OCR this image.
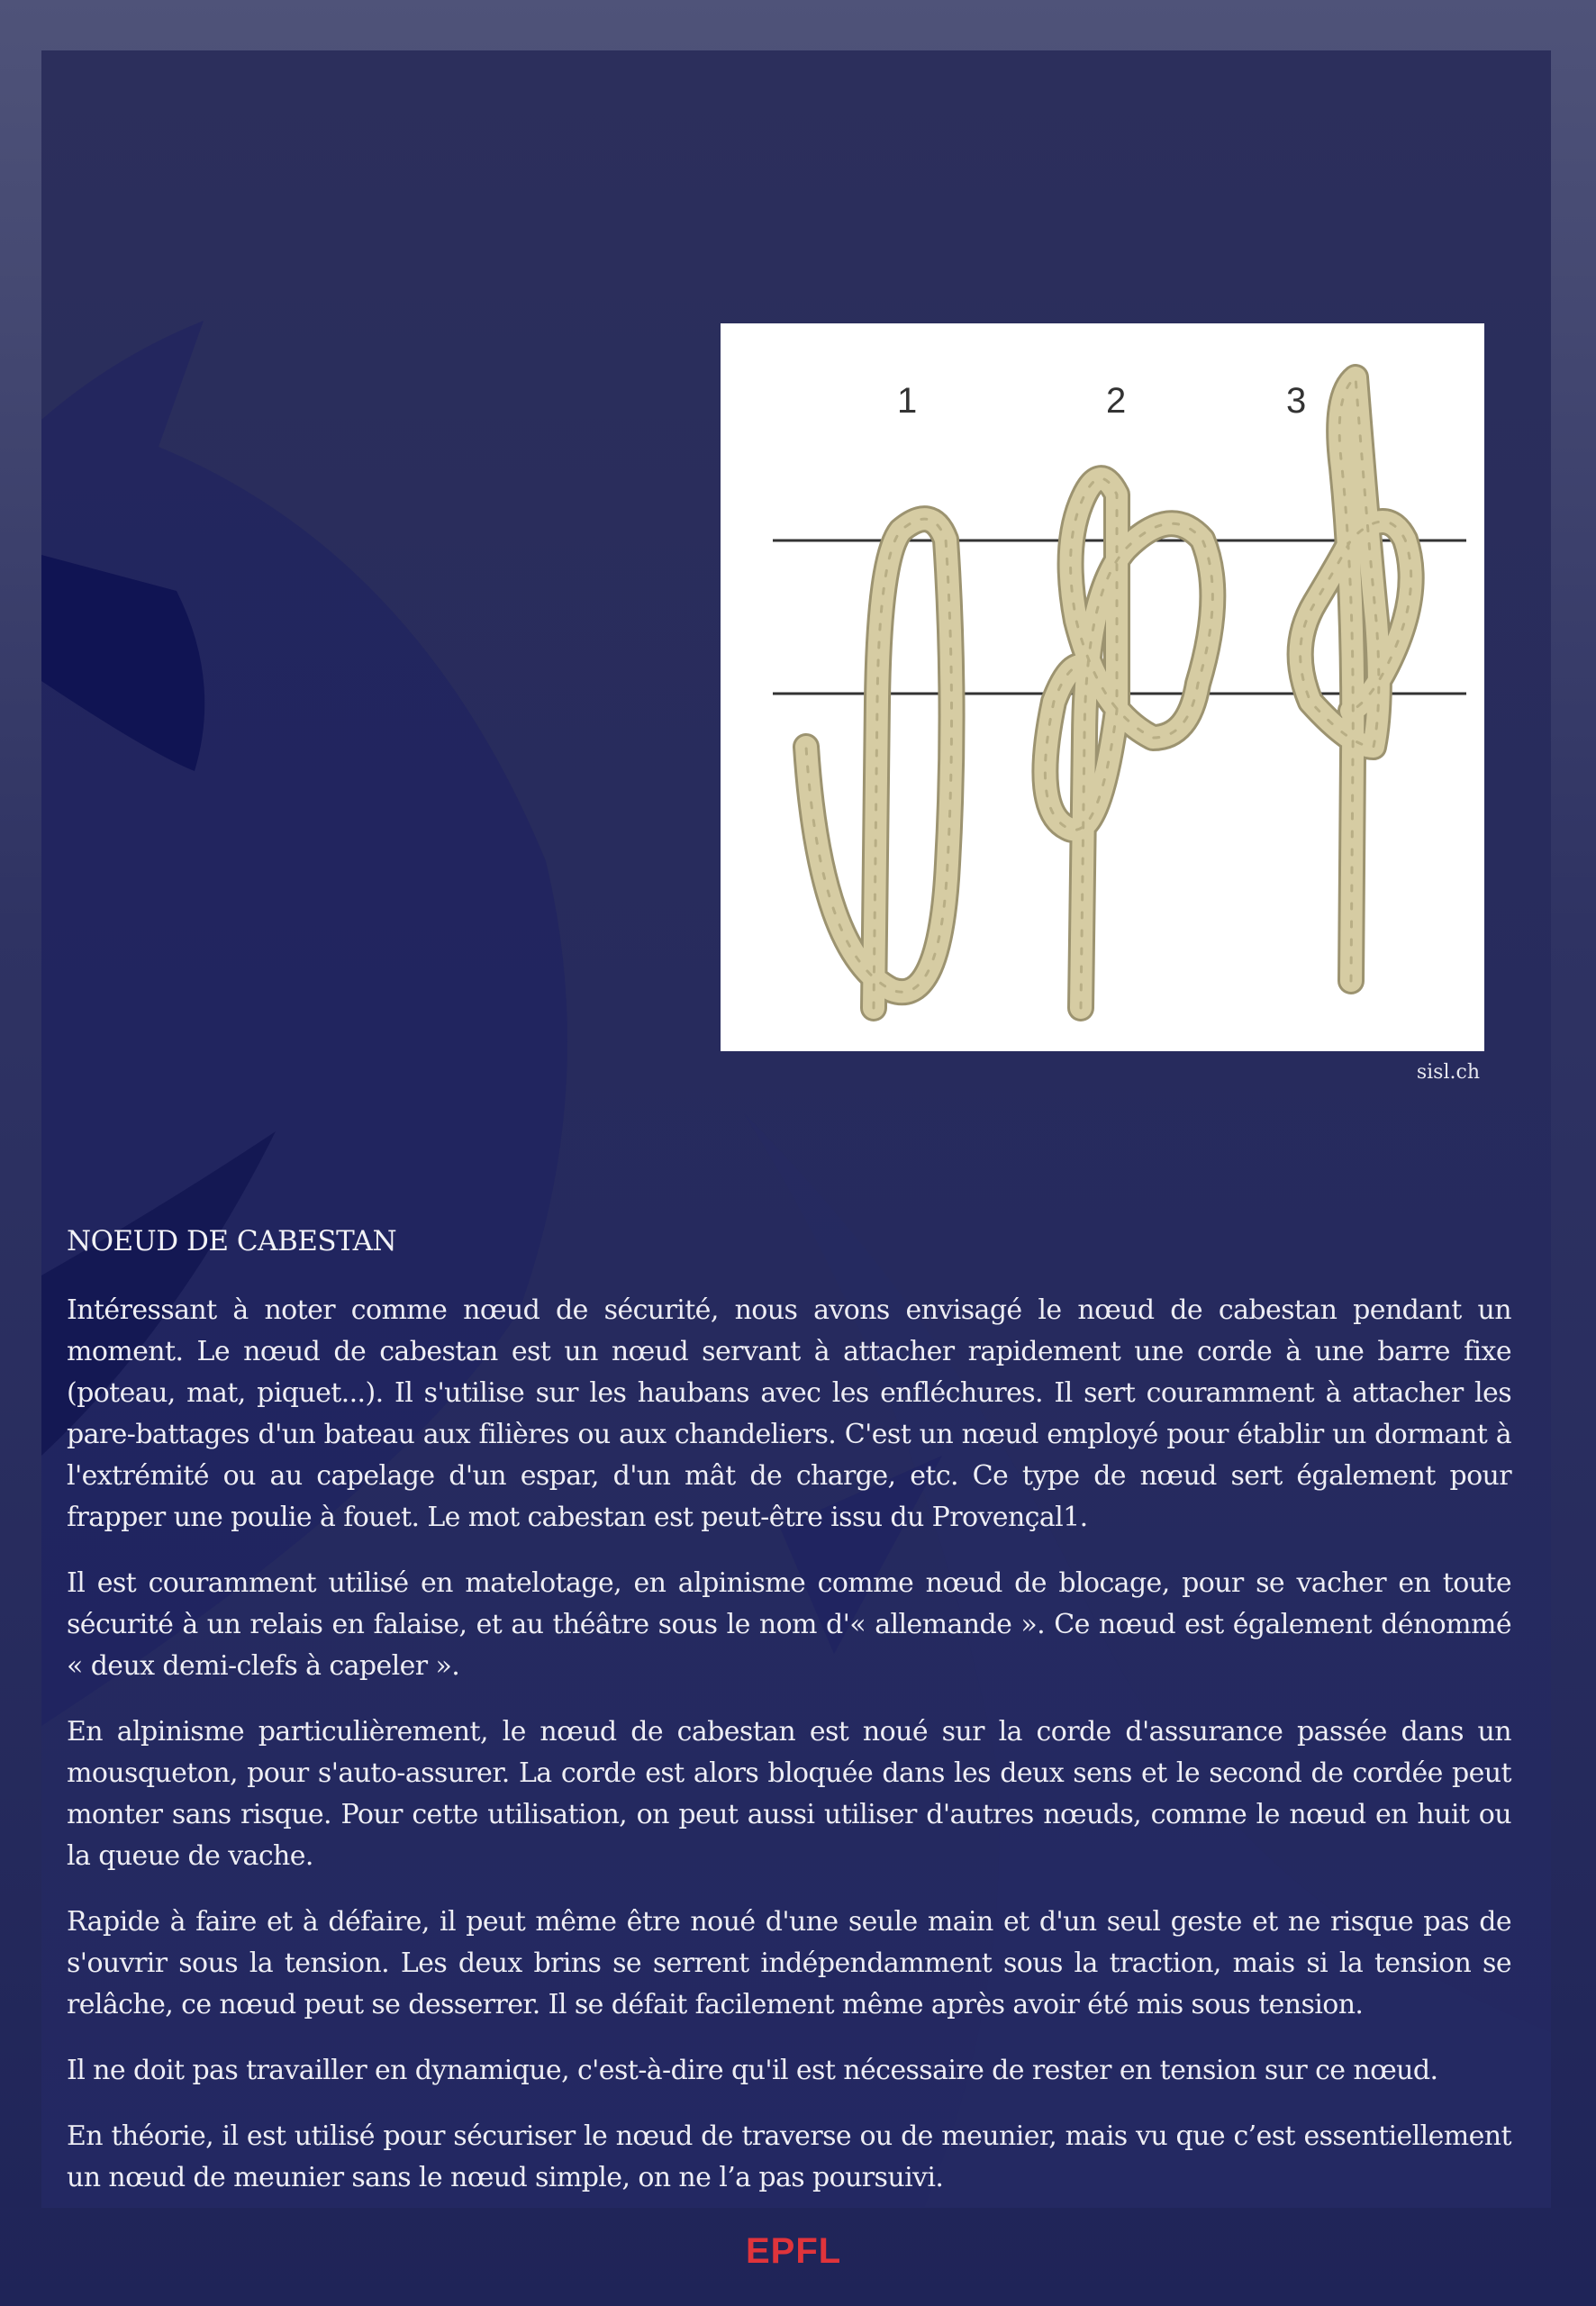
1	2	3
sisl.ch
NOEUD DE CABESTAN

Intéressant à noter comme nœud de sécurité, nous avons envisagé le nœud de cabestan pendant un moment. Le nœud de cabestan est un nœud servant à attacher rapidement une corde à une barre fixe (poteau, mat, piquet...). Il s'utilise sur les haubans avec les enfléchures. Il sert couramment à attacher les pare-battages d'un bateau aux filières ou aux chandeliers. C'est un nœud employé pour établir un dormant à l'extrémité ou au capelage d'un espar, d'un mât de charge, etc. Ce type de nœud sert également pour frapper une poulie à fouet. Le mot cabestan est peut-être issu du Provençal1.

Il est couramment utilisé en matelotage, en alpinisme comme nœud de blocage, pour se vacher en toute sécurité à un relais en falaise, et au théâtre sous le nom d'« allemande ». Ce nœud est également dénommé « deux demi-clefs à capeler ».

En alpinisme particulièrement, le nœud de cabestan est noué sur la corde d'assurance passée dans un mousqueton, pour s'auto-assurer. La corde est alors bloquée dans les deux sens et le second de cordée peut monter sans risque. Pour cette utilisation, on peut aussi utiliser d'autres nœuds, comme le nœud en huit ou la queue de vache.

Rapide à faire et à défaire, il peut même être noué d'une seule main et d'un seul geste et ne risque pas de s'ouvrir sous la tension. Les deux brins se serrent indépendamment sous la traction, mais si la tension se relâche, ce nœud peut se desserrer. Il se défait facilement même après avoir été mis sous tension.

Il ne doit pas travailler en dynamique, c'est-à-dire qu'il est nécessaire de rester en tension sur ce nœud.

En théorie, il est utilisé pour sécuriser le nœud de traverse ou de meunier, mais vu que c’est essentiellement un nœud de meunier sans le nœud simple, on ne l’a pas poursuivi.

EPFL
